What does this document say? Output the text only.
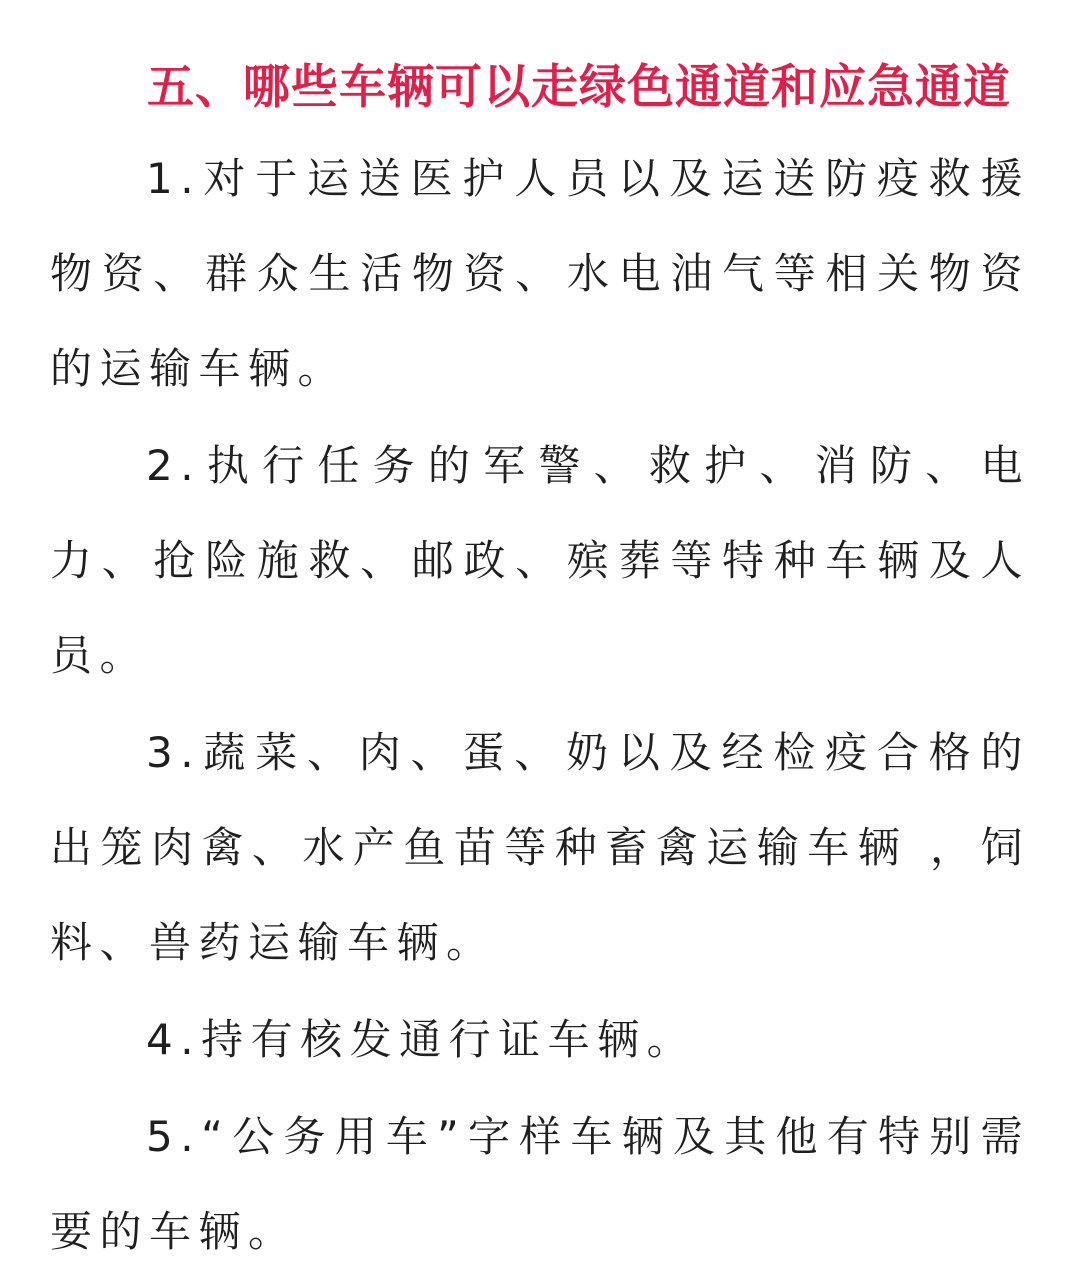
五、哪些车辆可以走绿色通道和应急通道
1.对于运送医护人员以及运送防疫救援物资、群众生活物资、水电油气等相关物资的运输车辆。
2.执行任务的军警、救护、消防、电力、抢险施救、邮政、殡葬等特种车辆及人员。
3.蔬菜、肉、蛋、奶以及经检疫合格的出笼肉禽、水产鱼苗等种畜禽运输车辆 ，饲料、兽药运输车辆。
4.持有核发通行证车辆。
5.“公务用车”字样车辆及其他有特别需要的车辆。
